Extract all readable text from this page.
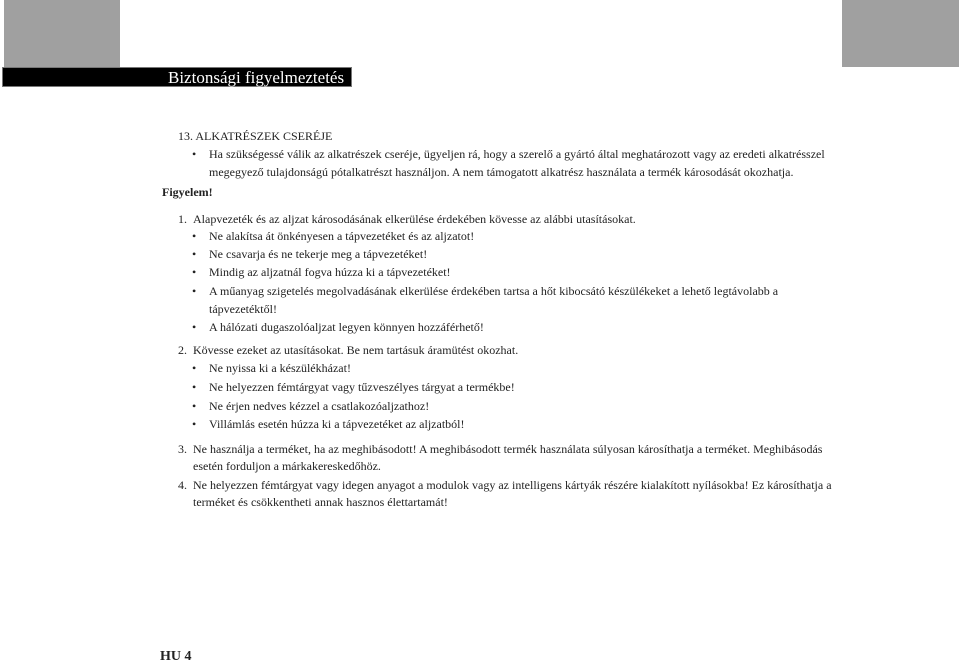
Biztonsági figyelmeztetés
13. ALKATRÉSZEK CSERÉJE
• Ha szükségessé válik az alkatrészek cseréje, ügyeljen rá, hogy a szerelő a gyártó által meghatározott vagy az eredeti alkatrésszel
megegyező tulajdonságú pótalkatrészt használjon. A nem támogatott alkatrész használata a termék károsodását okozhatja.
Figyelem!
1. Alapvezeték és az aljzat károsodásának elkerülése érdekében kövesse az alábbi utasításokat.
• Ne alakítsa át önkényesen a tápvezetéket és az aljzatot!
• Ne csavarja és ne tekerje meg a tápvezetéket!
• Mindig az aljzatnál fogva húzza ki a tápvezetéket!
• A műanyag szigetelés megolvadásának elkerülése érdekében tartsa a hőt kibocsátó készülékeket a lehető legtávolabb a
tápvezetéktől!
• A hálózati dugaszolóaljzat legyen könnyen hozzáférhető!
2. Kövesse ezeket az utasításokat. Be nem tartásuk áramütést okozhat.
• Ne nyissa ki a készülékházat!
• Ne helyezzen fémtárgyat vagy tűzveszélyes tárgyat a termékbe!
• Ne érjen nedves kézzel a csatlakozóaljzathoz!
• Villámlás esetén húzza ki a tápvezetéket az aljzatból!
3. Ne használja a terméket, ha az meghibásodott! A meghibásodott termék használata súlyosan károsíthatja a terméket. Meghibásodás
esetén forduljon a márkakereskedőhöz.
4. Ne helyezzen fémtárgyat vagy idegen anyagot a modulok vagy az intelligens kártyák részére kialakított nyílásokba! Ez károsíthatja a
terméket és csökkentheti annak hasznos élettartamát!
HU 4
